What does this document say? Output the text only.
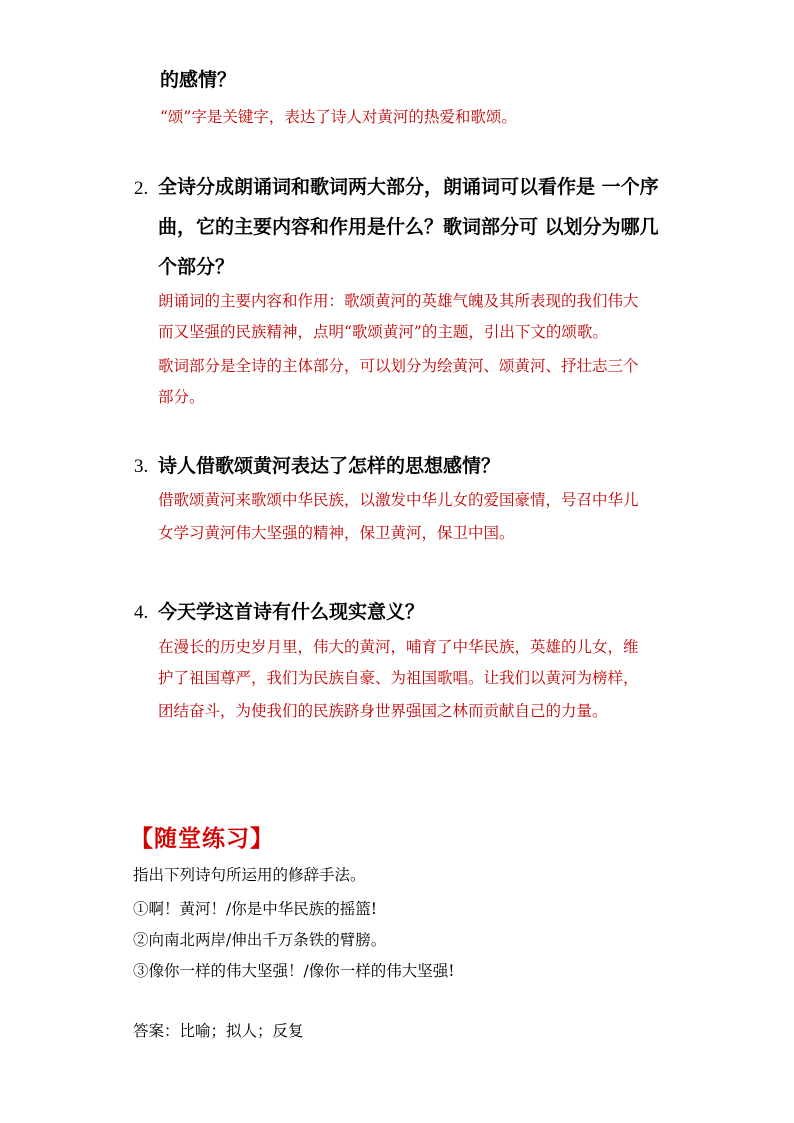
的感情？
“颂”字是关键字，表达了诗人对黄河的热爱和歌颂。
2. 全诗分成朗诵词和歌词两大部分，朗诵词可以看作是 一个序
曲，它的主要内容和作用是什么？歌词部分可 以划分为哪几
个部分？
朗诵词的主要内容和作用：歌颂黄河的英雄气魄及其所表现的我们伟大
而又坚强的民族精神，点明“歌颂黄河”的主题，引出下文的颂歌。
歌词部分是全诗的主体部分，可以划分为绘黄河、颂黄河、抒壮志三个
部分。
3. 诗人借歌颂黄河表达了怎样的思想感情？
借歌颂黄河来歌颂中华民族，以激发中华儿女的爱国豪情，号召中华儿
女学习黄河伟大坚强的精神，保卫黄河，保卫中国。
4. 今天学这首诗有什么现实意义？
在漫长的历史岁月里，伟大的黄河，哺育了中华民族，英雄的儿女，维
护了祖国尊严，我们为民族自豪、为祖国歌唱。让我们以黄河为榜样，
团结奋斗，为使我们的民族跻身世界强国之林而贡献自己的力量。
【随堂练习】
指出下列诗句所运用的修辞手法。
①啊！黄河！/你是中华民族的摇篮!
②向南北两岸/伸出千万条铁的臂膀。
③像你一样的伟大坚强！/像你一样的伟大坚强!
答案：比喻；拟人；反复
